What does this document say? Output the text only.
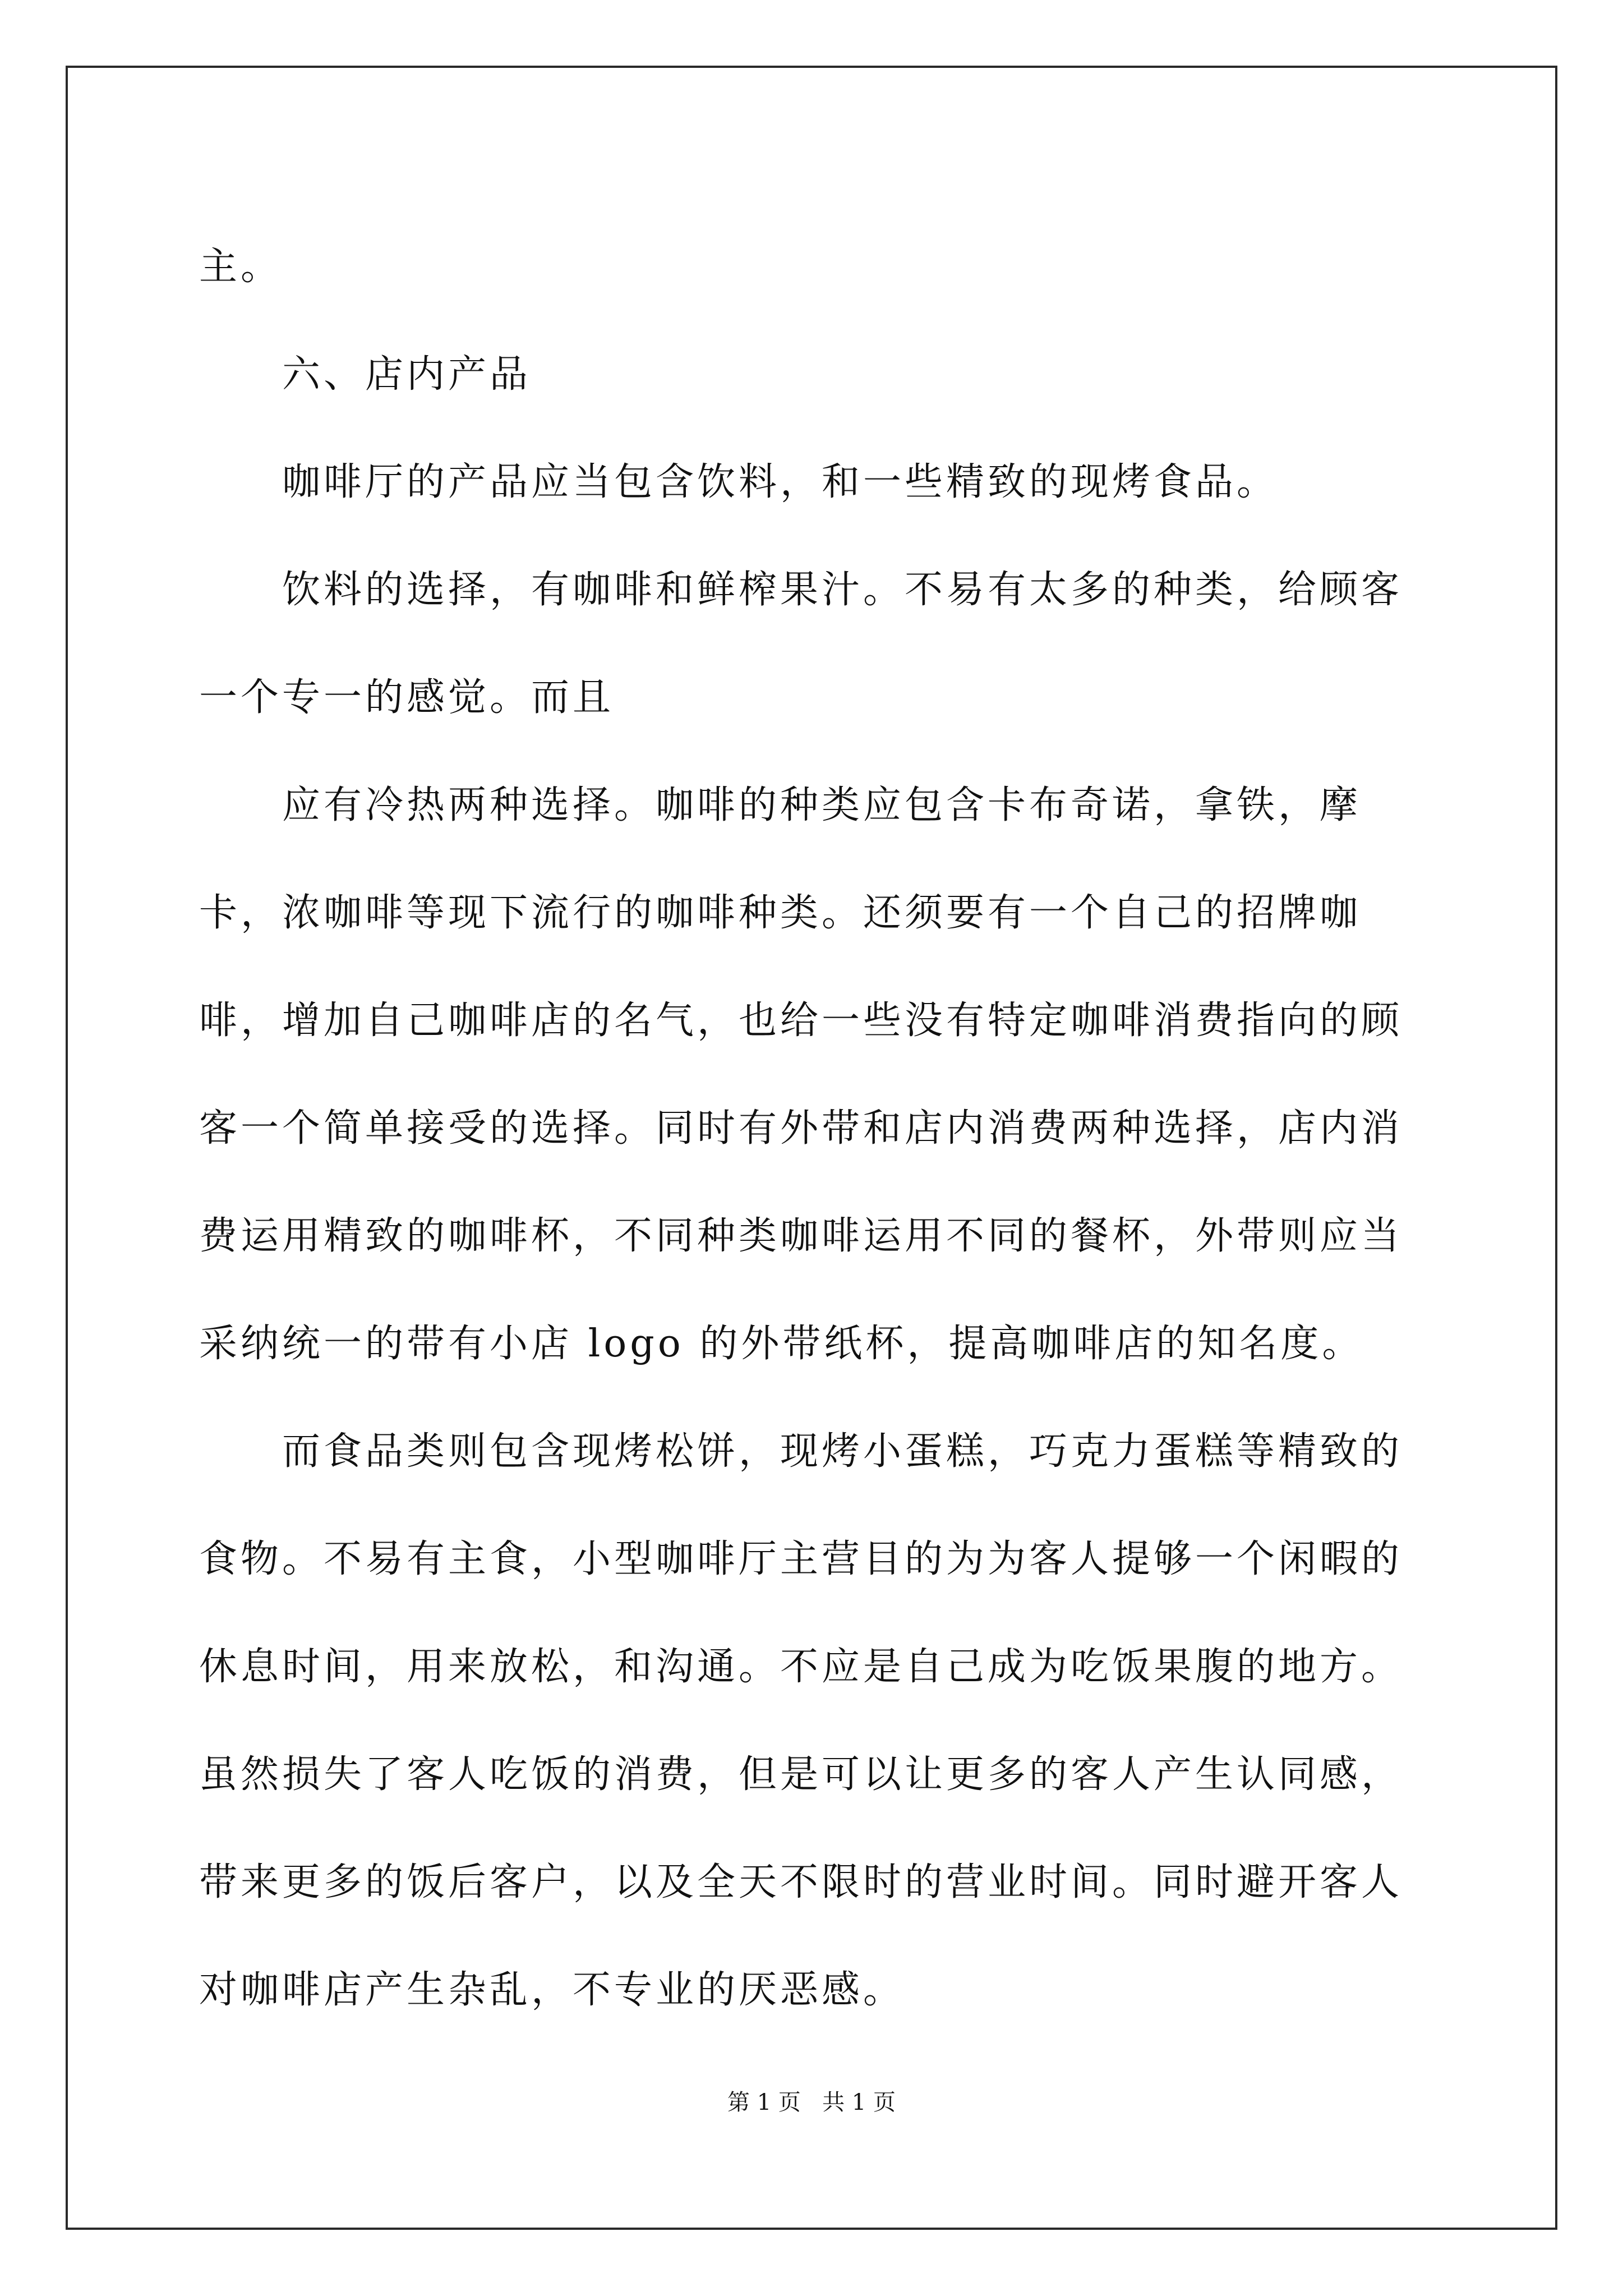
主。

六、店内产品

咖啡厅的产品应当包含饮料，和一些精致的现烤食品。

饮料的选择，有咖啡和鲜榨果汁。不易有太多的种类，给顾客一个专一的感觉。而且

应有冷热两种选择。咖啡的种类应包含卡布奇诺，拿铁，摩卡，浓咖啡等现下流行的咖啡种类。还须要有一个自己的招牌咖啡，增加自己咖啡店的名气，也给一些没有特定咖啡消费指向的顾客一个简单接受的选择。同时有外带和店内消费两种选择，店内消费运用精致的咖啡杯，不同种类咖啡运用不同的餐杯，外带则应当采纳统一的带有小店 logo 的外带纸杯，提高咖啡店的知名度。

而食品类则包含现烤松饼，现烤小蛋糕，巧克力蛋糕等精致的食物。不易有主食，小型咖啡厅主营目的为为客人提够一个闲暇的休息时间，用来放松，和沟通。不应是自己成为吃饭果腹的地方。虽然损失了客人吃饭的消费，但是可以让更多的客人产生认同感，带来更多的饭后客户，以及全天不限时的营业时间。同时避开客人对咖啡店产生杂乱，不专业的厌恶感。

第 1 页   共 1 页
